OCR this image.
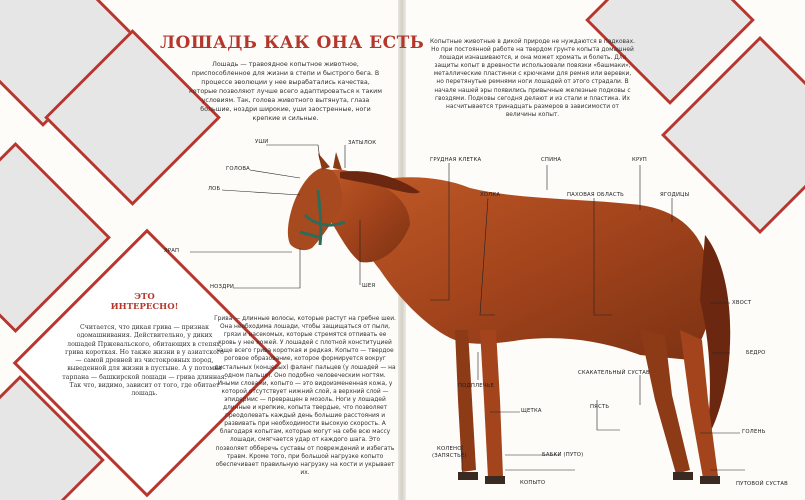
ЛОШАДЬ КАК ОНА ЕСТЬ

Лошадь — травоядное копытное животное, приспособленное для жизни в степи и быстрого бега. В процессе эволюции у нее вырабатались качества, которые позволяют лучше всего адаптироваться к таким условиям. Так, голова животного вытянута, глаза большие, ноздри широкие, уши заостренные, ноги крепкие и сильные.

ЭТО
ИНТЕРЕСНО!
Считается, что дикая грива — признак одомашнивания. Действительно, у диких лошадей Пржевальского, обитающих в степях, грива короткая. Но также жизни в у азиатского — самой древней из чистокровных пород, выведенной для жизни в пустыне. А у потомка тарпана — башкирской лошади — грива длинная. Так что, видимо, зависит от того, где обитает лошадь.
Грива — длинные волосы, которые растут на гребне шеи. Она необходима лошади, чтобы защищаться от пыли, грязи и насекомых, которые стремятся отпивать ее кровь у нее кожей. У лошадей с плотной конституцией чаще всего грива короткая и редкая. Копыто — твердое роговое образование, которое формируется вокруг дистальных (концевых) фаланг пальцев (у лошадей — на одном пальце). Оно подобно человеческим ногтям. Иными словами, копыто — это видоизмененная кожа, у которой отсутствует нижний слой, а верхний слой — эпидермис — превращен в мозоль. Ноги у лошадей длинные и крепкие, копыта твердые, что позволяет преодолевать каждый день большие расстояния и развивать при необходимости высокую скорость. А благодаря копытам, которые могут на себе всю массу лошади, смягчается удар от каждого шага. Это позволяет обберечь суставы от повреждений и избегать травм. Кроме того, при большой нагрузке копыто обеспечивает правильную нагрузку на кости и укрывает их.
Копытные животные в дикой природе не нуждаются в подковах. Но при постоянной работе на твердом грунте копыта домашней лошади изнашиваются, и она может хромать и болеть. Для защиты копыт в древности использовали повязки «башмаки», металлические пластинки с крючками для ремня или веревки, но перетянутые ремнями ноги лошадей от этого страдали. В начале нашей эры появились привычные железные подковы с гвоздями. Подковы сегодня делают и из стали и пластика. Их насчитывается тринадцать размеров в зависимости от величины копыт.
УШИ	ЗАТЫЛОК
ГОЛОВА
ЛОБ
ХРАП
НОЗДРИ	ШЕЯ
ГРУДНАЯ КЛЕТКА
ХОЛКА
СПИНА
ПАХОВАЯ ОБЛАСТЬ
КРУП
ЯГОДИЦЫ
ХВОСТ
БЕДРО
ПОДПЛЕЧЬЕ
СКАКАТЕЛЬНЫЙ СУСТАВ
ЩЕТКА
ПЯСТЬ
ГОЛЕНЬ
КОЛЕНО
(ЗАПЯСТЬЕ)	БАБКИ (ПУТО)
КОПЫТО	ПУТОВОЙ СУСТАВ
